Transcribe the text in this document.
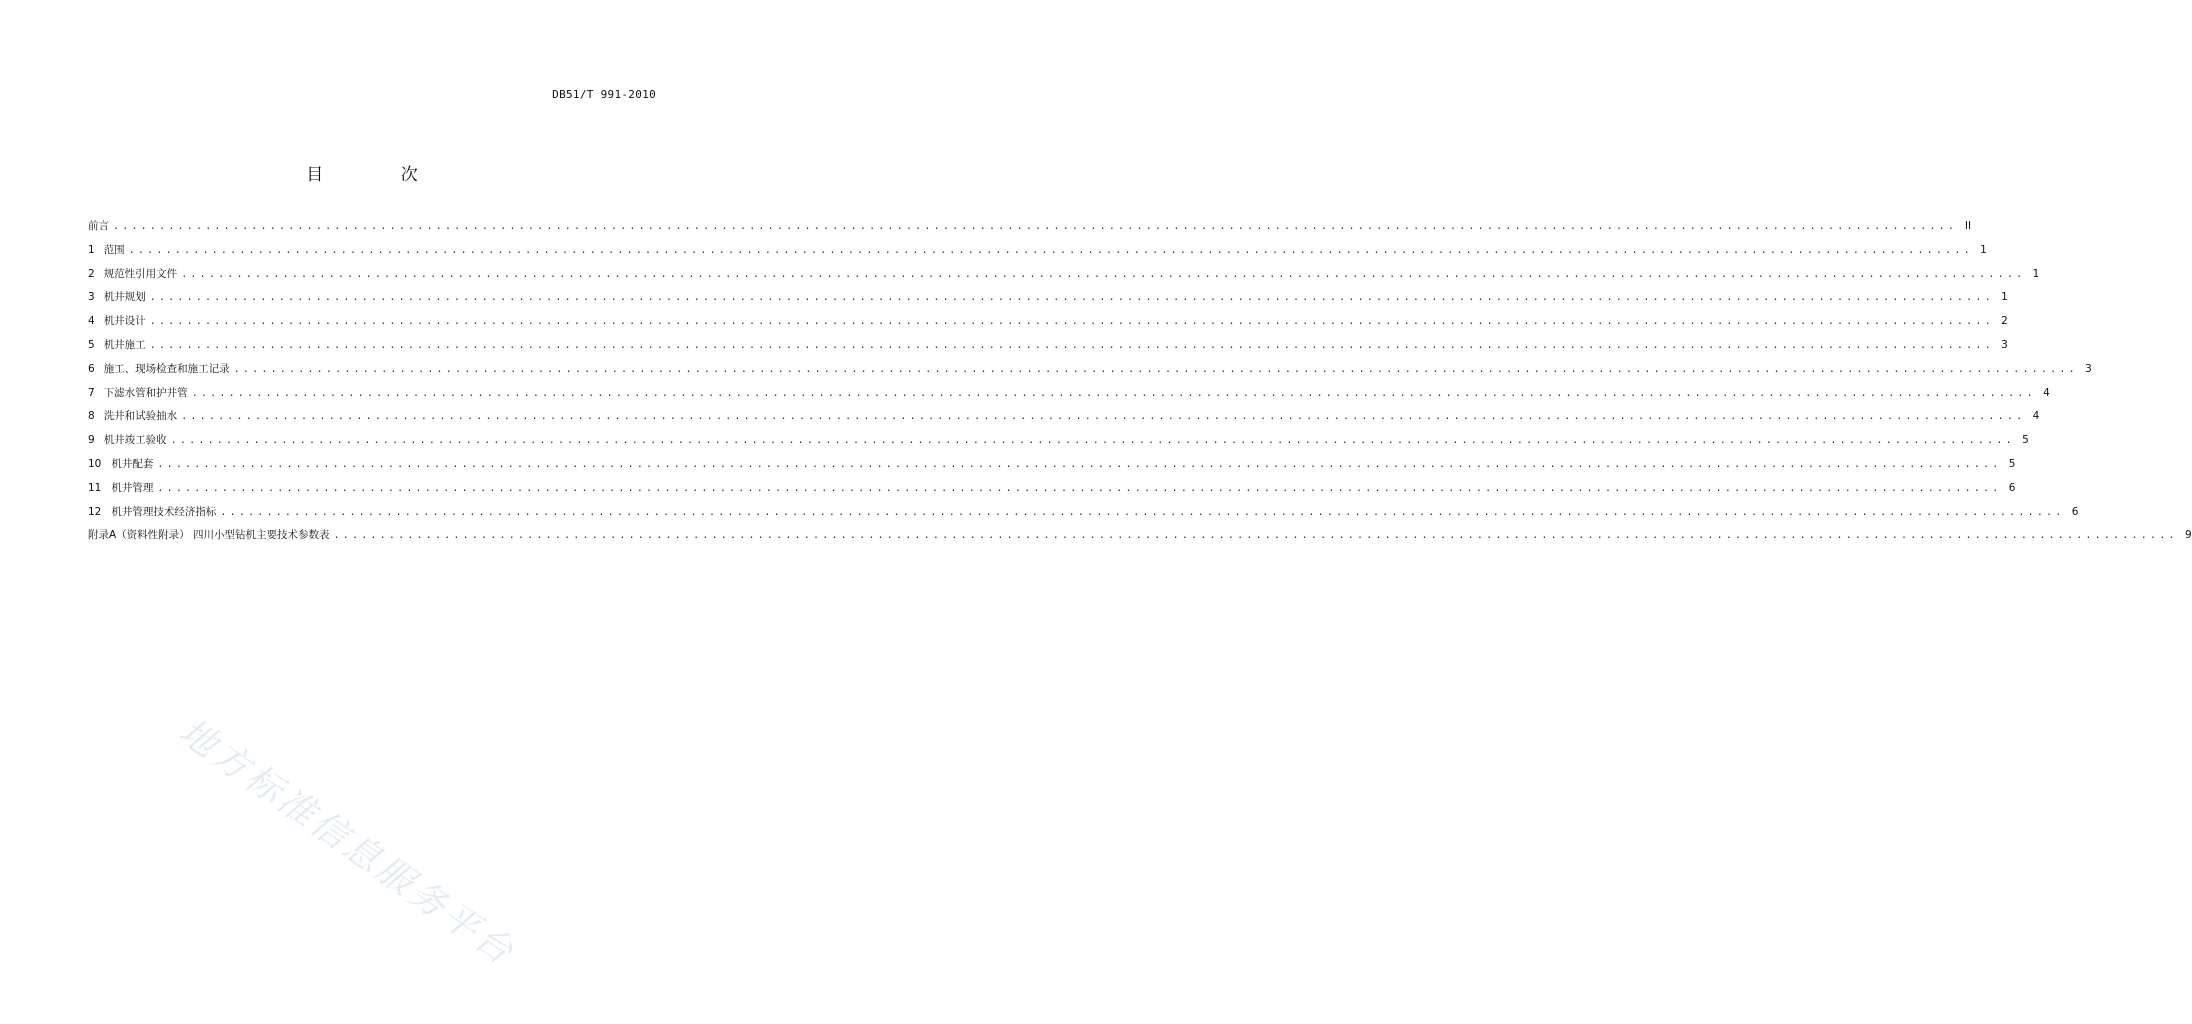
DB51/T 991-2010
目 次
前言 ........................................................................................................................................................................................................ II
1 范围 ........................................................................................................................................................................................................ 1
2 规范性引用文件 ........................................................................................................................................................................................................ 1
3 机井规划 ........................................................................................................................................................................................................ 1
4 机井设计 ........................................................................................................................................................................................................ 2
5 机井施工 ........................................................................................................................................................................................................ 3
6 施工、现场检查和施工记录 ........................................................................................................................................................................................................ 3
7 下滤水管和护井管 ........................................................................................................................................................................................................ 4
8 洗井和试验抽水 ........................................................................................................................................................................................................ 4
9 机井竣工验收 ........................................................................................................................................................................................................ 5
10 机井配套 ........................................................................................................................................................................................................ 5
11 机井管理 ........................................................................................................................................................................................................ 6
12 机井管理技术经济指标 ........................................................................................................................................................................................................ 6
附录A（资料性附录） 四川小型钻机主要技术参数表 ........................................................................................................................................................................................................ 9
地方标准信息服务平台
